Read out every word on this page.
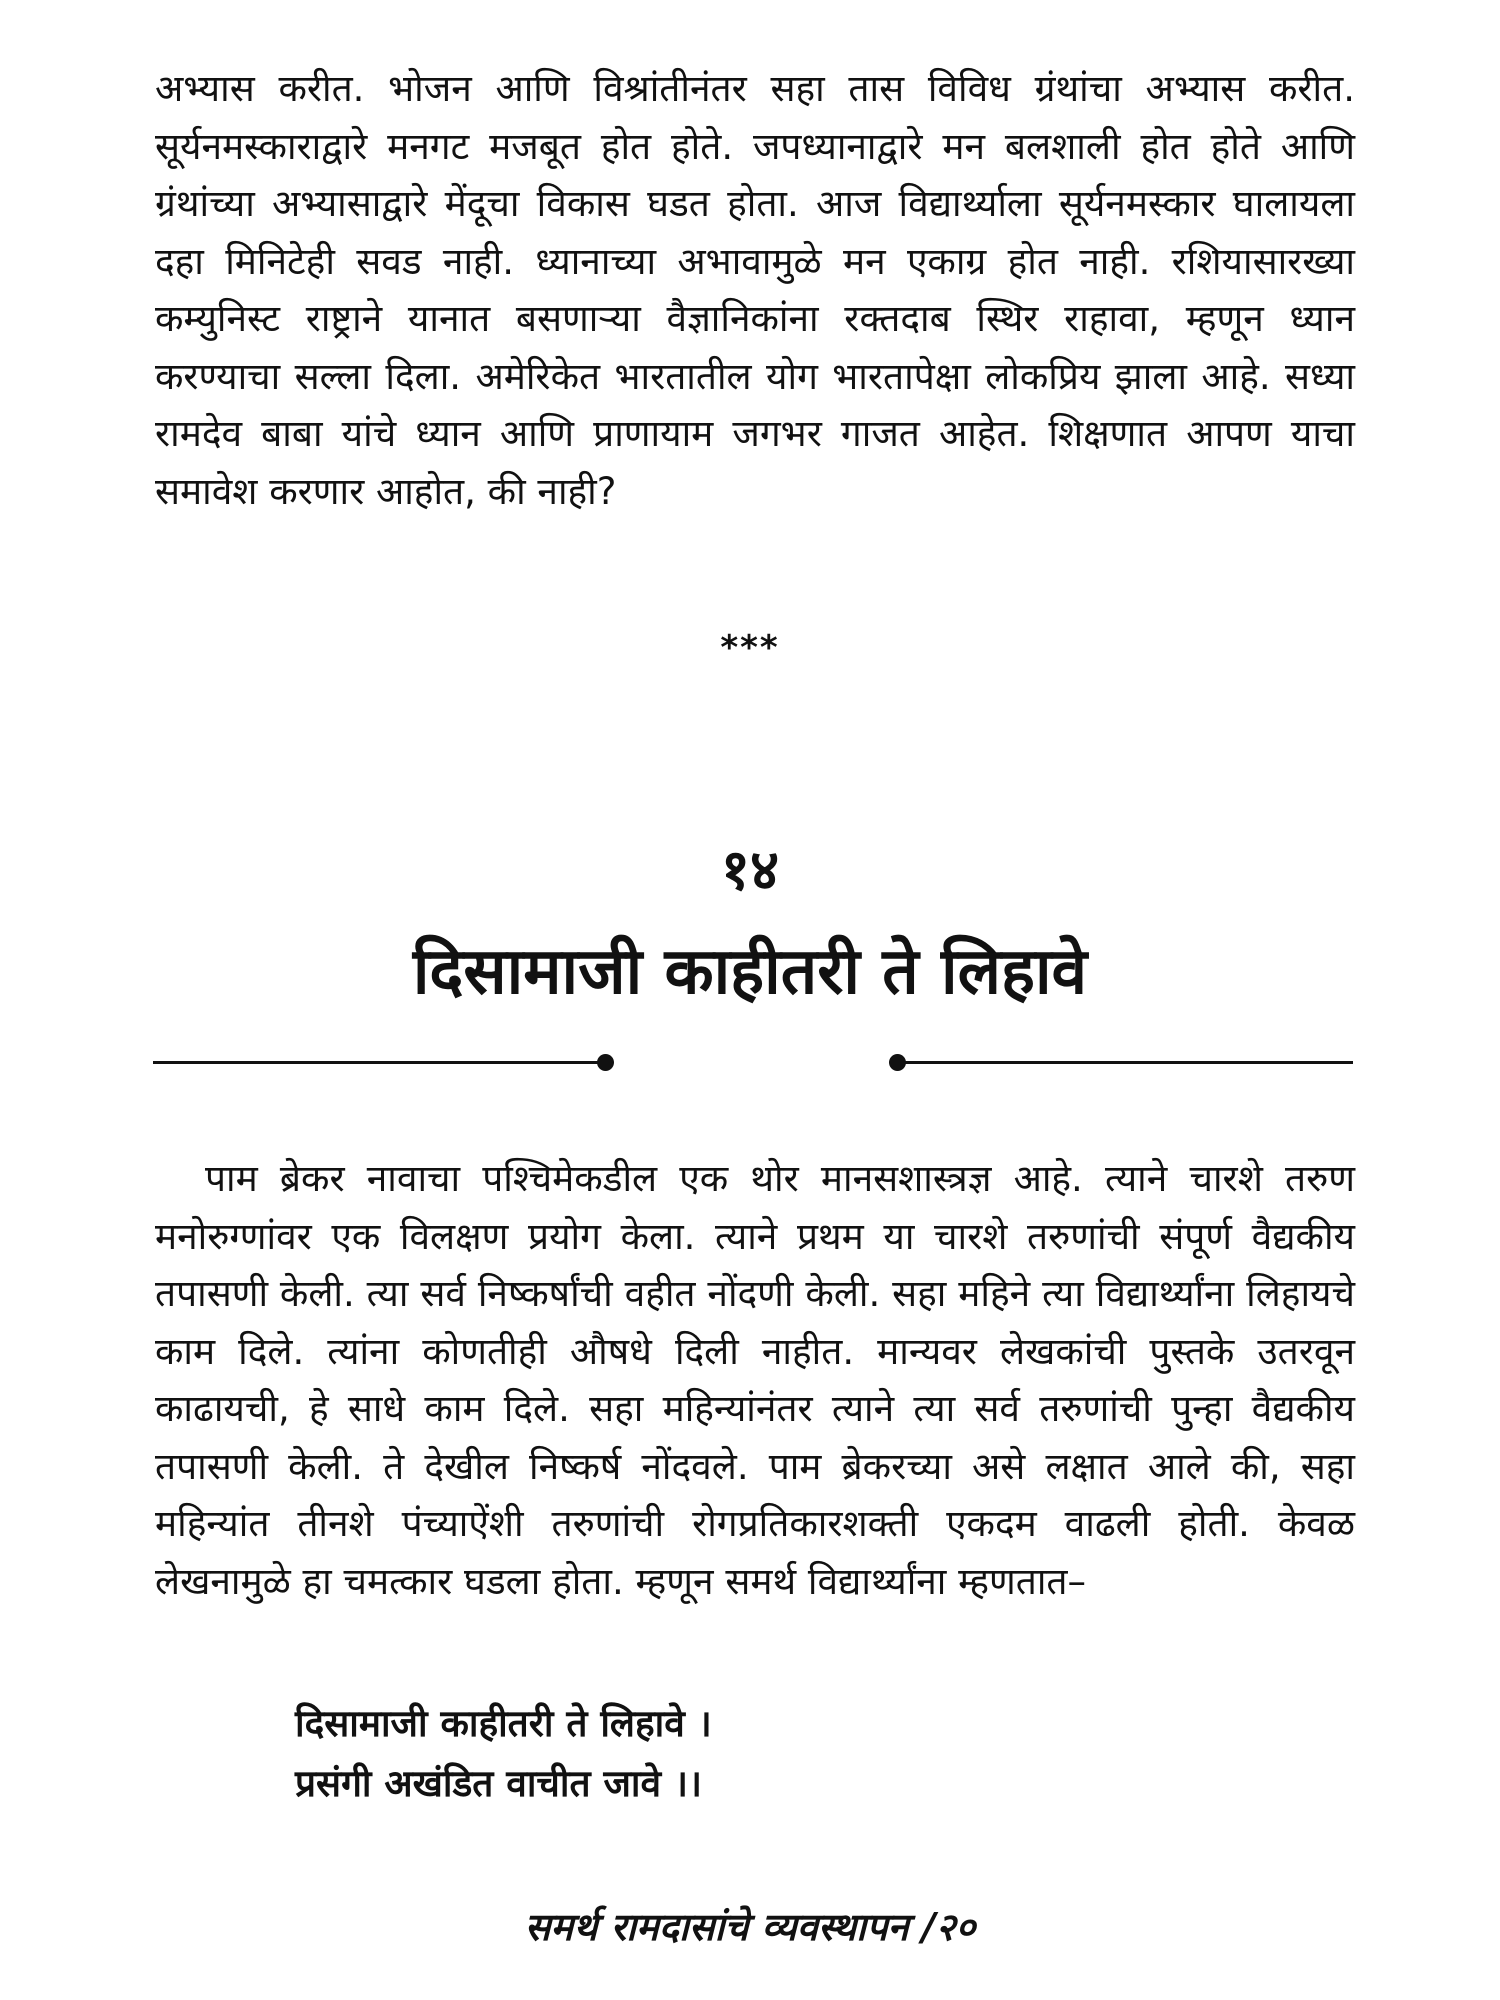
अभ्यास करीत. भोजन आणि विश्रांतीनंतर सहा तास विविध ग्रंथांचा अभ्यास करीत. सूर्यनमस्काराद्वारे मनगट मजबूत होत होते. जपध्यानाद्वारे मन बलशाली होत होते आणि ग्रंथांच्या अभ्यासाद्वारे मेंदूचा विकास घडत होता. आज विद्यार्थ्याला सूर्यनमस्कार घालायला दहा मिनिटेही सवड नाही. ध्यानाच्या अभावामुळे मन एकाग्र होत नाही. रशियासारख्या कम्युनिस्ट राष्ट्राने यानात बसणाऱ्या वैज्ञानिकांना रक्तदाब स्थिर राहावा, म्हणून ध्यान करण्याचा सल्ला दिला. अमेरिकेत भारतातील योग भारतापेक्षा लोकप्रिय झाला आहे. सध्या रामदेव बाबा यांचे ध्यान आणि प्राणायाम जगभर गाजत आहेत. शिक्षणात आपण याचा समावेश करणार आहोत, की नाही?

***
१४
दिसामाजी काहीतरी ते लिहावे

पाम ब्रेकर नावाचा पश्चिमेकडील एक थोर मानसशास्त्रज्ञ आहे. त्याने चारशे तरुण मनोरुग्णांवर एक विलक्षण प्रयोग केला. त्याने प्रथम या चारशे तरुणांची संपूर्ण वैद्यकीय तपासणी केली. त्या सर्व निष्कर्षांची वहीत नोंदणी केली. सहा महिने त्या विद्यार्थ्यांना लिहायचे काम दिले. त्यांना कोणतीही औषधे दिली नाहीत. मान्यवर लेखकांची पुस्तके उतरवून काढायची, हे साधे काम दिले. सहा महिन्यांनंतर त्याने त्या सर्व तरुणांची पुन्हा वैद्यकीय तपासणी केली. ते देखील निष्कर्ष नोंदवले. पाम ब्रेकरच्या असे लक्षात आले की, सहा महिन्यांत तीनशे पंच्याऐंशी तरुणांची रोगप्रतिकारशक्ती एकदम वाढली होती. केवळ लेखनामुळे हा चमत्कार घडला होता. म्हणून समर्थ विद्यार्थ्यांना म्हणतात–

दिसामाजी काहीतरी ते लिहावे ।
प्रसंगी अखंडित वाचीत जावे ।।
समर्थ रामदासांचे व्यवस्थापन /२०
